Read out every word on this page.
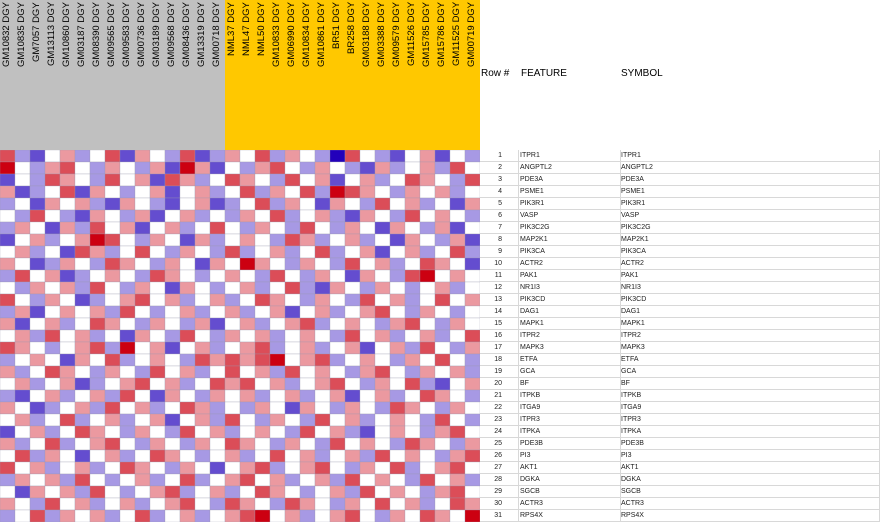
GM10832 DGY GM10835 DGY GM7057 DGY GM13113 DGY GM10860 DGY GM03187 DGY GM08390 DGY GM09565 DGY GM09583 DGY GM00736 DGY GM03189 DGY GM09568 DGY GM08436 DGY GM13319 DGY GM00718 DGY NML37 DGY NML47 DGY NML50 DGY GM10833 DGY GM06990 DGY GM10834 DGY GM10861 DGY BR51 DGY BR258 DGY GM03188 DGY GM03388 DGY GM09579 DGY GM11526 DGY GM15785 DGY GM15786 DGY GM11525 DGY GM00719 DGY
Row # FEATURE	SYMBOL
1	ITPR1	ITPR1
2	ANGPTL2	ANGPTL2
3	PDE3A	PDE3A
4	PSME1	PSME1
5	PIK3R1	PIK3R1
6	VASP	VASP
7	PIK3C2G	PIK3C2G
8	MAP2K1	MAP2K1
9	PIK3CA	PIK3CA
10	ACTR2	ACTR2
11	PAK1	PAK1
12	NR1I3	NR1I3
13	PIK3CD	PIK3CD
14	DAG1	DAG1
15	MAPK1	MAPK1
16	ITPR2	ITPR2
17	MAPK3	MAPK3
18	ETFA	ETFA
19	GCA	GCA
20	BF	BF
21	ITPKB	ITPKB
22	ITGA9	ITGA9
23	ITPR3	ITPR3
24	ITPKA	ITPKA
25	PDE3B	PDE3B
26	PI3	PI3
27	AKT1	AKT1
28	DGKA	DGKA
29	SGCB	SGCB
30	ACTR3	ACTR3
31	RPS4X	RPS4X
